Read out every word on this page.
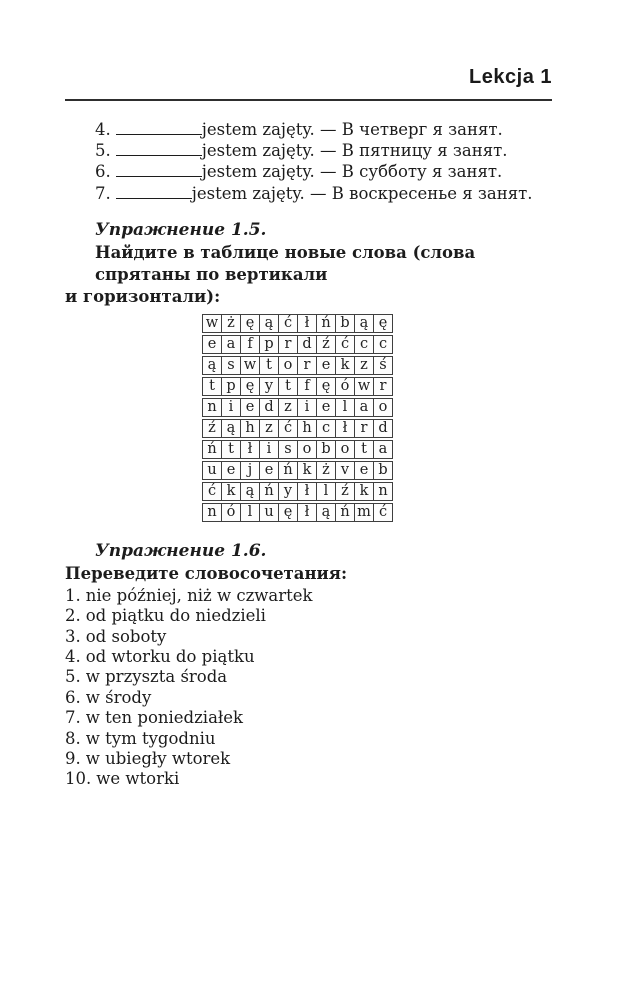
Lekcja 1
4.	jestem zajęty. — В четверг я занят.
5.	jestem zajęty. — В пятницу я занят.
6.	jestem zajęty. — В субботу я занят.
7.	jestem zajęty. — В воскресенье я занят.
Упражнение 1.5.
Найдите в таблице новые слова (слова спрятаны по вертикали
и горизонтали):
w ż ę ą ć ł ń b ą ę
e a f p r d ź ć c c
ą s w t o r e k z ś
t p ę y t f ę ó w r
n i e d z i e l a o
ź ą h z ć h c ł r d
ń t ł i s o b o t a
u e j e ń k ż v e b
ć k ą ń y ł l ź k n
n ó l u ę ł ą ń m ć
Упражнение 1.6.
Переведите словосочетания:
1. nie później, niż w czwartek
2. od piątku do niedzieli
3. od soboty
4. od wtorku do piątku
5. w przyszta środa
6. w środy
7. w ten poniedziałek
8. w tym tygodniu
9. w ubiegły wtorek
10. we wtorki
